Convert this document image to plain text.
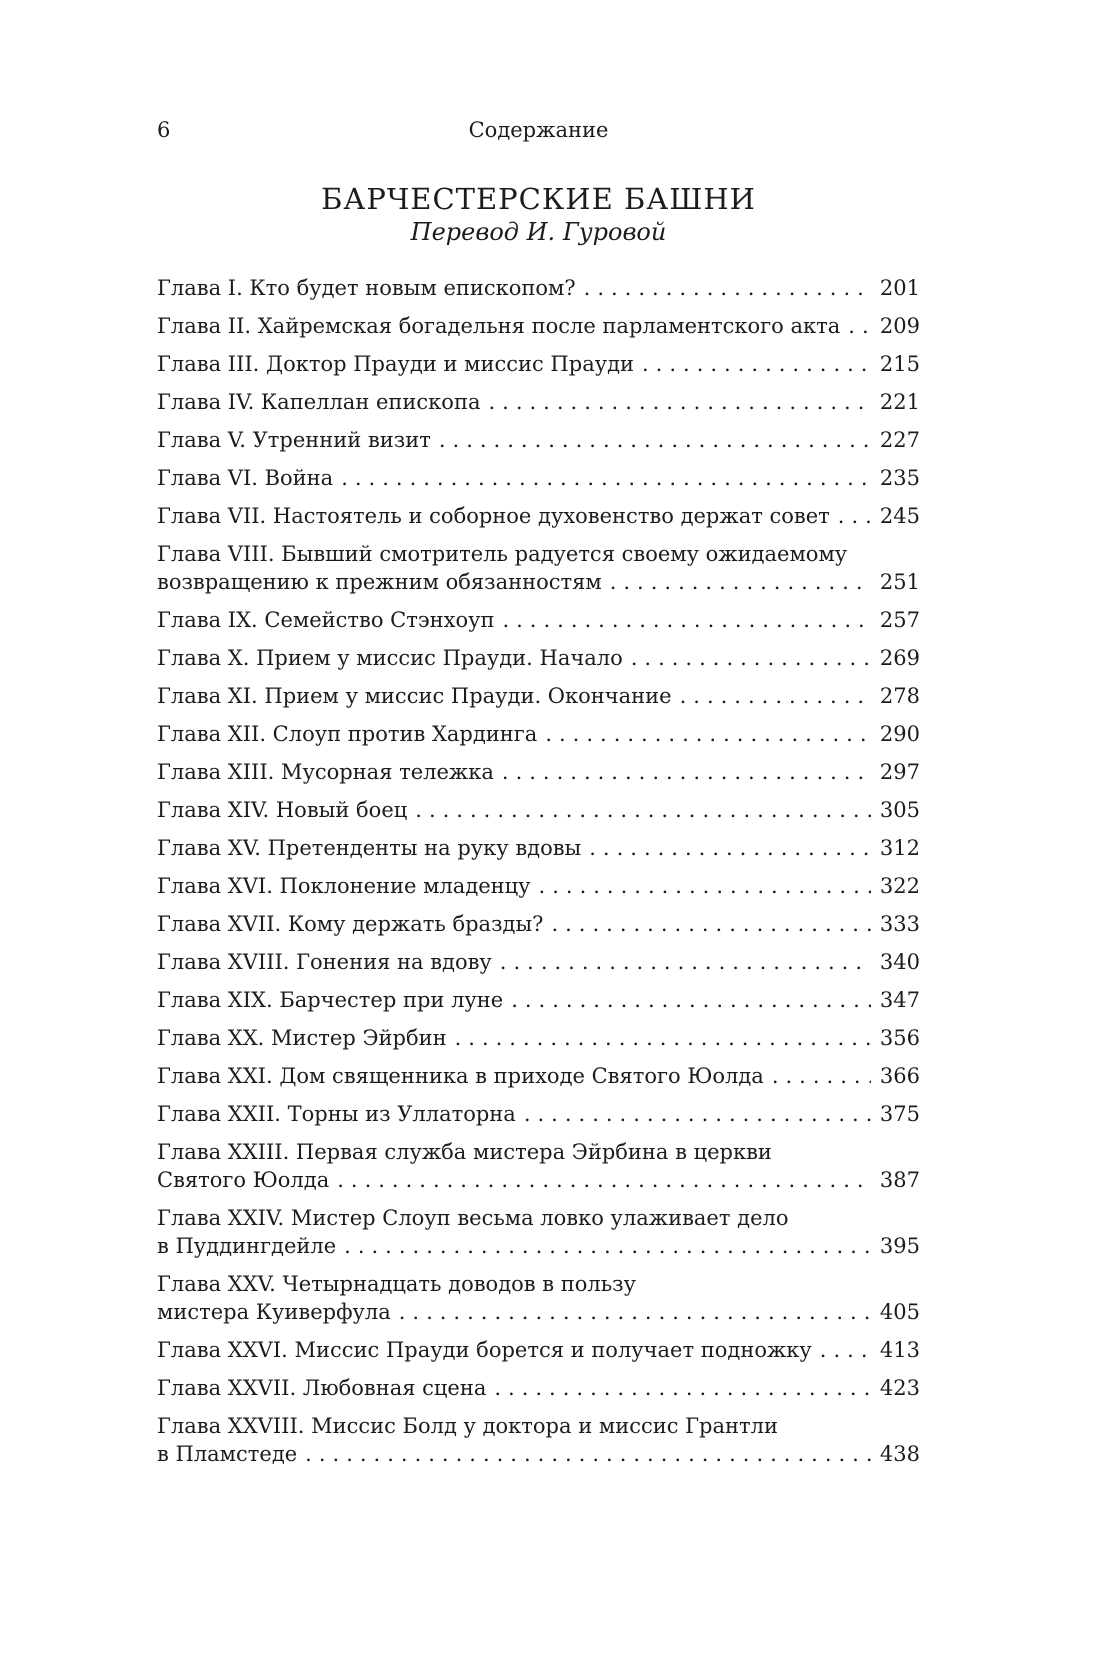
6	Содержание
БАРЧЕСТЕРСКИЕ БАШНИ
Перевод И. Гуровой
Глава I. Кто будет новым епископом? .....	201
Глава II. Хайремская богадельня после парламентского акта ..... 209
Глава III. Доктор Прауди и миссис Прауди .....	215
Глава IV. Капеллан епископа .....	221
Глава V. Утренний визит .....	227
Глава VI. Война .....	235
Глава VII. Настоятель и соборное духовенство держат совет ..... 245
Глава VIII. Бывший смотритель радуется своему ожидаемому
возвращению к прежним обязанностям .....	251
Глава IX. Семейство Стэнхоуп .....	257
Глава X. Прием у миссис Прауди. Начало .....	269
Глава XI. Прием у миссис Прауди. Окончание .....	278
Глава XII. Слоуп против Хардинга .....	290
Глава XIII. Мусорная тележка .....	297
Глава XIV. Новый боец .....	305
Глава XV. Претенденты на руку вдовы .....	312
Глава XVI. Поклонение младенцу .....	322
Глава XVII. Кому держать бразды? .....	333
Глава XVIII. Гонения на вдову .....	340
Глава XIX. Барчестер при луне .....	347
Глава XX. Мистер Эйрбин .....	356
Глава XXI. Дом священника в приходе Святого Юолда .....	366
Глава XXII. Торны из Уллаторна .....	375
Глава XXIII. Первая служба мистера Эйрбина в церкви
Святого Юолда .....	387
Глава XXIV. Мистер Слоуп весьма ловко улаживает дело
в Пуддингдейле .....	395
Глава XXV. Четырнадцать доводов в пользу
мистера Куиверфула .....	405
Глава XXVI. Миссис Прауди борется и получает подножку .....	413
Глава XXVII. Любовная сцена .....	423
Глава XXVIII. Миссис Болд у доктора и миссис Грантли
в Пламстеде .....	438
